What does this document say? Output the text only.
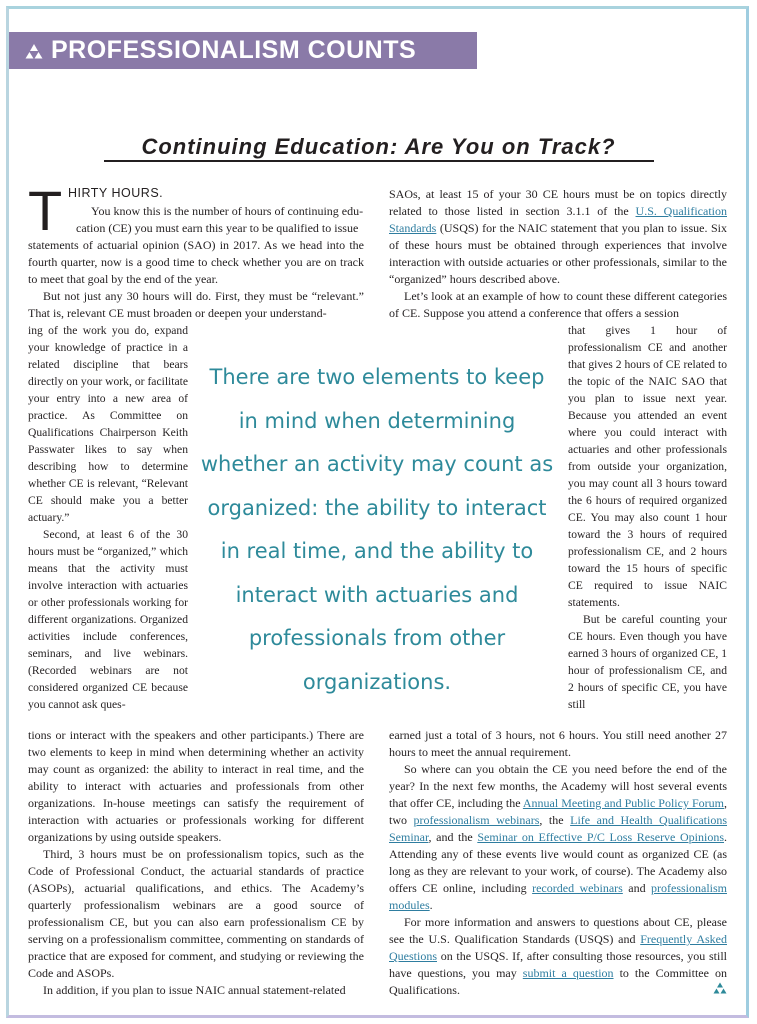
PROFESSIONALISM COUNTS
Continuing Education: Are You on Track?
T HIRTY HOURS.

You know this is the number of hours of continuing edu-

cation (CE) you must earn this year to be qualified to issue

statements of actuarial opinion (SAO) in 2017. As we head into the fourth quarter, now is a good time to check whether you are on track to meet that goal by the end of the year.

But not just any 30 hours will do. First, they must be “relevant.” That is, relevant CE must broaden or deepen your understand-

ing of the work you do, expand your knowledge of practice in a related discipline that bears directly on your work, or facilitate your entry into a new area of practice. As Committee on Qualifications Chairperson Keith Passwater likes to say when describing how to determine whether CE is relevant, “Relevant CE should make you a better actuary.”

Second, at least 6 of the 30 hours must be “organized,” which means that the activity must involve interaction with actuaries or other professionals working for different organizations. Organized activities include conferences, seminars, and live webinars. (Recorded webinars are not considered organized CE because you cannot ask ques-

tions or interact with the speakers and other participants.) There are two elements to keep in mind when determining whether an activity may count as organized: the ability to interact in real time, and the ability to interact with actuaries and professionals from other organizations. In-house meetings can satisfy the requirement of interaction with actuaries or professionals working for different organizations by using outside speakers.

Third, 3 hours must be on professionalism topics, such as the Code of Professional Conduct, the actuarial standards of practice (ASOPs), actuarial qualifications, and ethics. The Academy’s quarterly professionalism webinars are a good source of professionalism CE, but you can also earn professionalism CE by serving on a professionalism committee, commenting on standards of practice that are exposed for comment, and studying or reviewing the Code and ASOPs.

In addition, if you plan to issue NAIC annual statement-related

SAOs, at least 15 of your 30 CE hours must be on topics directly related to those listed in section 3.1.1 of the U.S. Qualification Standards (USQS) for the NAIC statement that you plan to issue. Six of these hours must be obtained through experiences that involve interaction with outside actuaries or other professionals, similar to the “organized” hours described above.

Let’s look at an example of how to count these different categories of CE. Suppose you attend a conference that offers a session

that gives 1 hour of professionalism CE and another that gives 2 hours of CE related to the topic of the NAIC SAO that you plan to issue next year. Because you attended an event where you could interact with actuaries and other professionals from outside your organization, you may count all 3 hours toward the 6 hours of required organized CE. You may also count 1 hour toward the 3 hours of required professionalism CE, and 2 hours toward the 15 hours of specific CE required to issue NAIC statements.

But be careful counting your CE hours. Even though you have earned 3 hours of organized CE, 1 hour of professionalism CE, and 2 hours of specific CE, you have still

earned just a total of 3 hours, not 6 hours. You still need another 27 hours to meet the annual requirement.

So where can you obtain the CE you need before the end of the year? In the next few months, the Academy will host several events that offer CE, including the Annual Meeting and Public Policy Forum, two professionalism webinars, the Life and Health Qualifications Seminar, and the Seminar on Effective P/C Loss Reserve Opinions. Attending any of these events live would count as organized CE (as long as they are relevant to your work, of course). The Academy also offers CE online, including recorded webinars and professionalism modules.

For more information and answers to questions about CE, please see the U.S. Qualification Standards (USQS) and Frequently Asked Questions on the USQS. If, after consulting those resources, you still have questions, you may submit a question to the Committee on Qualifications.

There are two elements to keep in mind when determining whether an activity may count as organized: the ability to interact in real time, and the ability to interact with actuaries and professionals from other organizations.
